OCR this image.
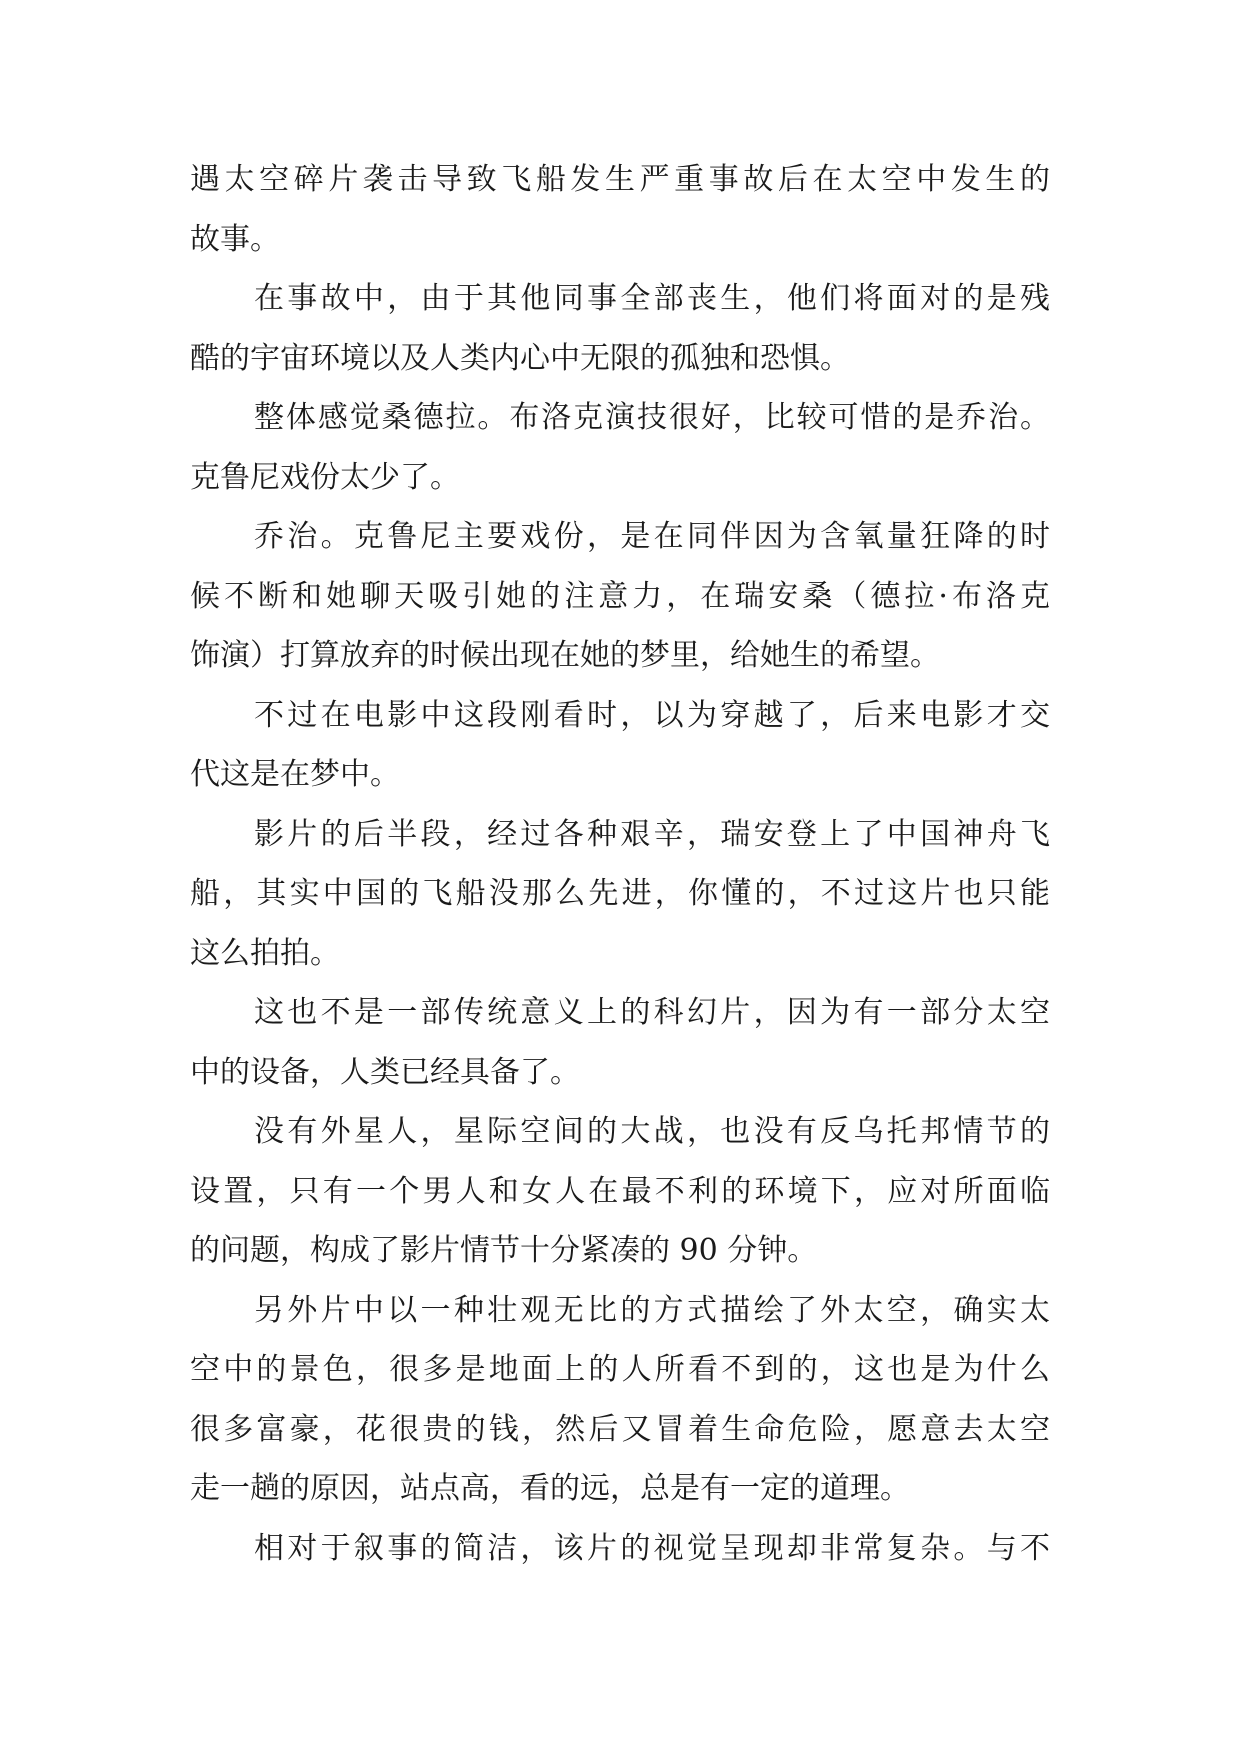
遇太空碎片袭击导致飞船发生严重事故后在太空中发生的
故事。
在事故中，由于其他同事全部丧生，他们将面对的是残
酷的宇宙环境以及人类内心中无限的孤独和恐惧。
整体感觉桑德拉。布洛克演技很好，比较可惜的是乔治。
克鲁尼戏份太少了。
乔治。克鲁尼主要戏份，是在同伴因为含氧量狂降的时
候不断和她聊天吸引她的注意力，在瑞安桑（德拉·布洛克
饰演）打算放弃的时候出现在她的梦里，给她生的希望。
不过在电影中这段刚看时，以为穿越了，后来电影才交
代这是在梦中。
影片的后半段，经过各种艰辛，瑞安登上了中国神舟飞
船，其实中国的飞船没那么先进，你懂的，不过这片也只能
这么拍拍。
这也不是一部传统意义上的科幻片，因为有一部分太空
中的设备，人类已经具备了。
没有外星人，星际空间的大战，也没有反乌托邦情节的
设置，只有一个男人和女人在最不利的环境下，应对所面临
的问题，构成了影片情节十分紧凑的 90 分钟。
另外片中以一种壮观无比的方式描绘了外太空，确实太
空中的景色，很多是地面上的人所看不到的，这也是为什么
很多富豪，花很贵的钱，然后又冒着生命危险，愿意去太空
走一趟的原因，站点高，看的远，总是有一定的道理。
相对于叙事的简洁，该片的视觉呈现却非常复杂。与不
